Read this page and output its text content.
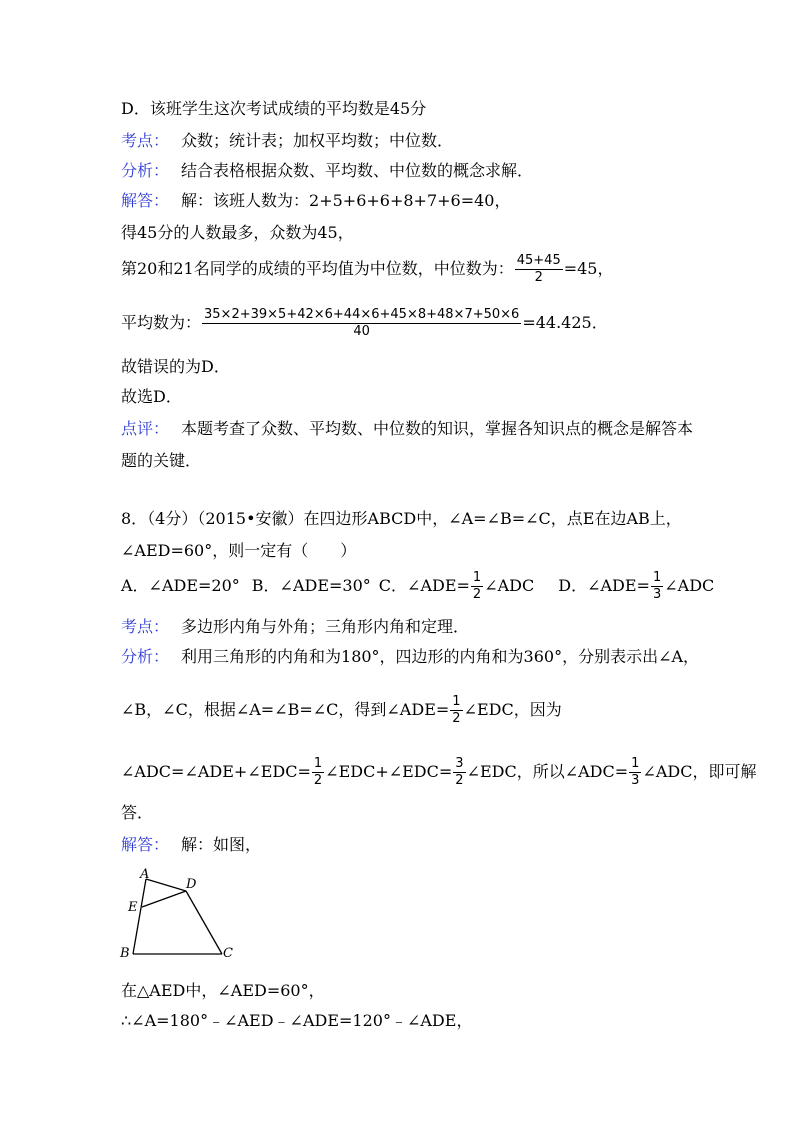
D．该班学生这次考试成绩的平均数是45分
考点： 众数；统计表；加权平均数；中位数．
分析： 结合表格根据众数、平均数、中位数的概念求解．
解答： 解：该班人数为：2+5+6+6+8+7+6=40，
得45分的人数最多，众数为45，
第20和21名同学的成绩的平均值为中位数，中位数为： $\frac{45+45}{2} =45$，
平均数为： $\frac{35\times 2+39\times 5+42\times 6+44\times 6+45\times 8+48\times 7+50\times 6}{40} =44.425$．
故错误的为D．
故选D．
点评： 本题考查了众数、平均数、中位数的知识，掌握各知识点的概念是解答本
题的关键．
8．（4分）（2015•安徽）在四边形ABCD中，∠A=∠B=∠C，点E在边AB上，
∠AED=60°，则一定有（　　）
A．∠ADE=20° B．∠ADE=30° C．∠ADE= $\frac{1}{2}$ ∠ADC D．∠ADE= $\frac{1}{3}$ ∠ADC
考点： 多边形内角与外角；三角形内角和定理．
分析： 利用三角形的内角和为180°，四边形的内角和为360°，分别表示出∠A，
∠B，∠C，根据∠A=∠B=∠C，得到∠ADE= $\frac{1}{2}$ ∠EDC，因为
∠ADC=∠ADE+∠EDC= $\frac{1}{2}$ ∠EDC+∠EDC= $\frac{3}{2}$ ∠EDC，所以∠ADC= $\frac{1}{3}$ ∠ADC，即可解
答．
解答： 解：如图，
A
B	C
D
E
在△AED中，∠AED=60°，
∴∠A=180°﹣∠AED﹣∠ADE=120°﹣∠ADE，
